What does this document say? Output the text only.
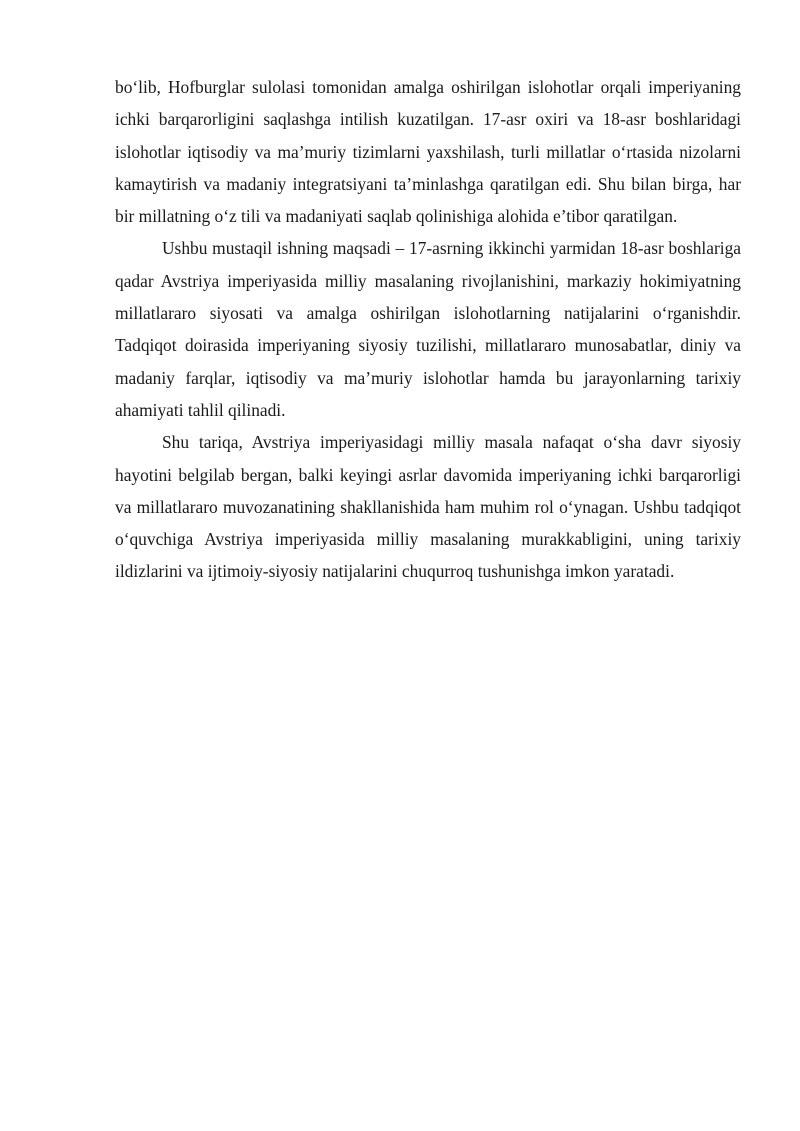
bo‘lib, Hofburglar sulolasi tomonidan amalga oshirilgan islohotlar orqali imperiyaning ichki barqarorligini saqlashga intilish kuzatilgan. 17-asr oxiri va 18-asr boshlaridagi islohotlar iqtisodiy va ma’muriy tizimlarni yaxshilash, turli millatlar o‘rtasida nizolarni kamaytirish va madaniy integratsiyani ta’minlashga qaratilgan edi. Shu bilan birga, har bir millatning o‘z tili va madaniyati saqlab qolinishiga alohida e’tibor qaratilgan.

Ushbu mustaqil ishning maqsadi – 17-asrning ikkinchi yarmidan 18-asr boshlariga qadar Avstriya imperiyasida milliy masalaning rivojlanishini, markaziy hokimiyatning millatlararo siyosati va amalga oshirilgan islohotlarning natijalarini o‘rganishdir. Tadqiqot doirasida imperiyaning siyosiy tuzilishi, millatlararo munosabatlar, diniy va madaniy farqlar, iqtisodiy va ma’muriy islohotlar hamda bu jarayonlarning tarixiy ahamiyati tahlil qilinadi.

Shu tariqa, Avstriya imperiyasidagi milliy masala nafaqat o‘sha davr siyosiy hayotini belgilab bergan, balki keyingi asrlar davomida imperiyaning ichki barqarorligi va millatlararo muvozanatining shakllanishida ham muhim rol o‘ynagan. Ushbu tadqiqot o‘quvchiga Avstriya imperiyasida milliy masalaning murakkabligini, uning tarixiy ildizlarini va ijtimoiy-siyosiy natijalarini chuqurroq tushunishga imkon yaratadi.
